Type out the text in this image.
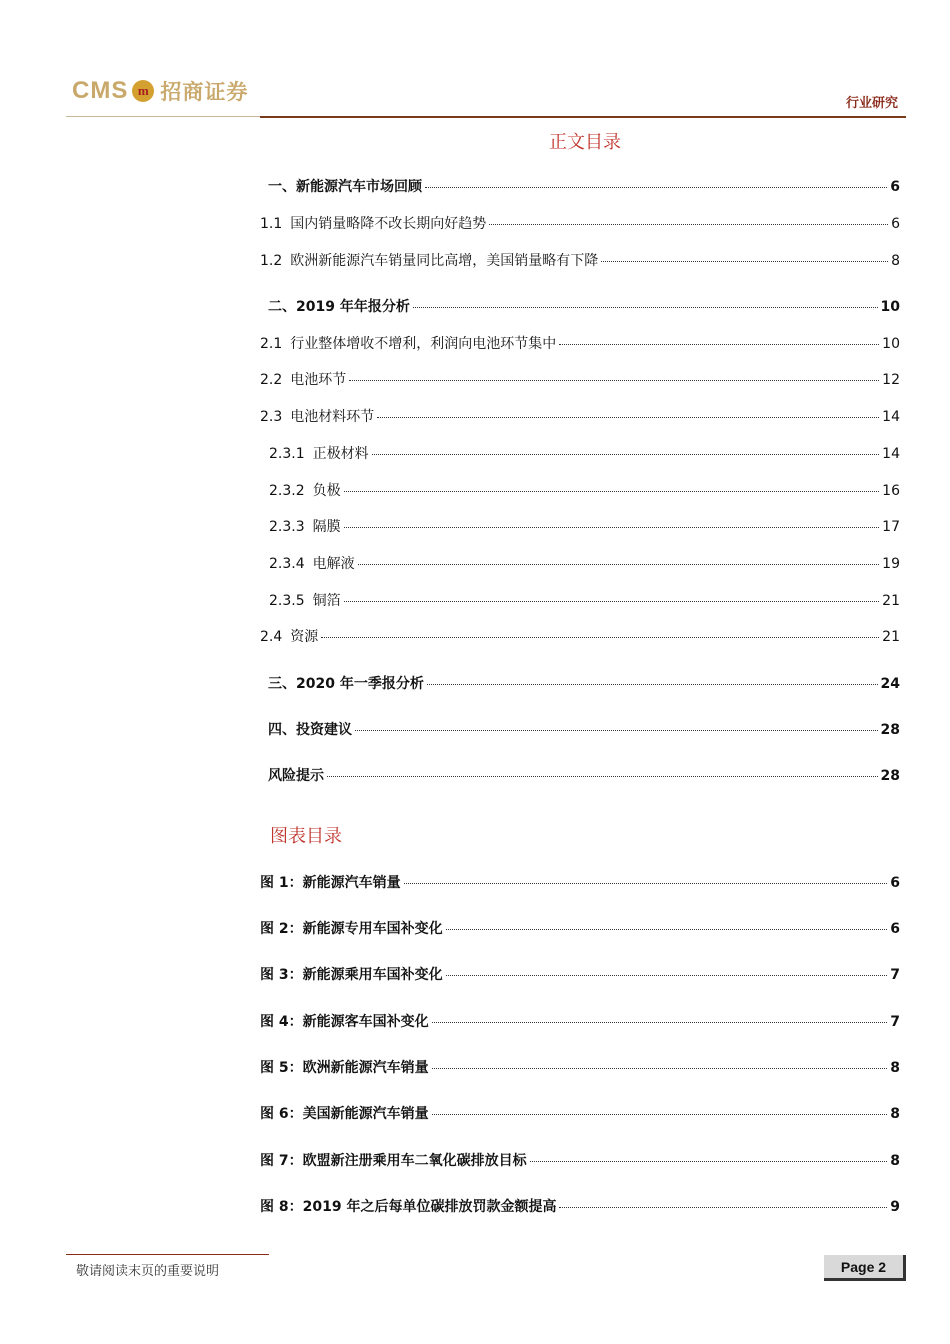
CMS m 招商证券	行业研究
正文目录
一、新能源汽车市场回顾	6
1.1 国内销量略降不改长期向好趋势	6
1.2 欧洲新能源汽车销量同比高增，美国销量略有下降	8
二、2019 年年报分析	10
2.1 行业整体增收不增利，利润向电池环节集中	10
2.2 电池环节	12
2.3 电池材料环节	14
2.3.1 正极材料	14
2.3.2 负极	16
2.3.3 隔膜	17
2.3.4 电解液	19
2.3.5 铜箔	21
2.4 资源	21
三、2020 年一季报分析	24
四、投资建议	28
风险提示	28
图表目录
图 1：新能源汽车销量	6
图 2：新能源专用车国补变化	6
图 3：新能源乘用车国补变化	7
图 4：新能源客车国补变化	7
图 5：欧洲新能源汽车销量	8
图 6：美国新能源汽车销量	8
图 7：欧盟新注册乘用车二氧化碳排放目标	8
图 8：2019 年之后每单位碳排放罚款金额提高	9
敬请阅读末页的重要说明	Page 2
